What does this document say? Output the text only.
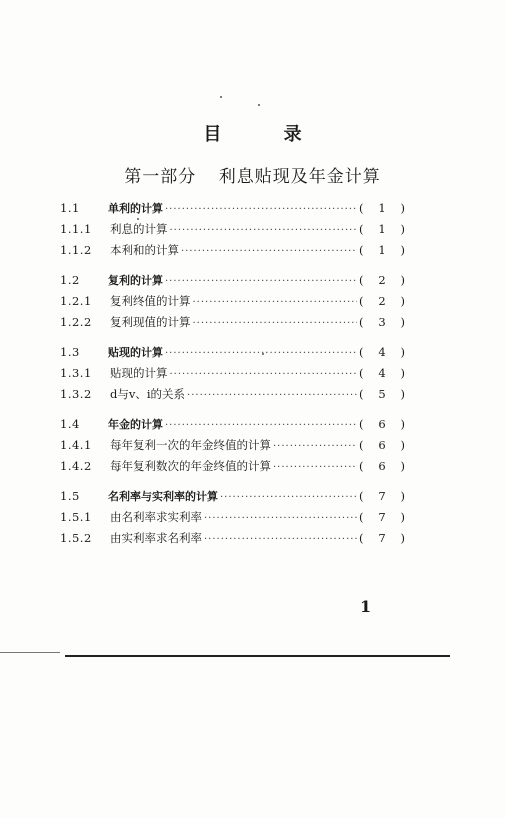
目 录
第一部分 利息贴现及年金计算
1.1	单利的计算 ·····	( 1 )
1.1.1	利息的计算 ·····	( 1 )
1.1.2	本利和的计算 ·····	( 1 )
1.2	复利的计算 ·····	( 2 )
1.2.1	复利终值的计算 ·····	( 2 )
1.2.2	复利现值的计算 ·····	( 3 )
1.3	贴现的计算 ·····	( 4 )
1.3.1	贴现的计算 ·····	( 4 )
1.3.2	d与v、i的关系 ·····	( 5 )
1.4	年金的计算 ·····	( 6 )
1.4.1	每年复利一次的年金终值的计算 ·····	( 6 )
1.4.2	每年复利数次的年金终值的计算 ·····	( 6 )
1.5	名利率与实利率的计算 ·····	( 7 )
1.5.1	由名利率求实利率 ·····	( 7 )
1.5.2	由实利率求名利率 ·····	( 7 )
1
